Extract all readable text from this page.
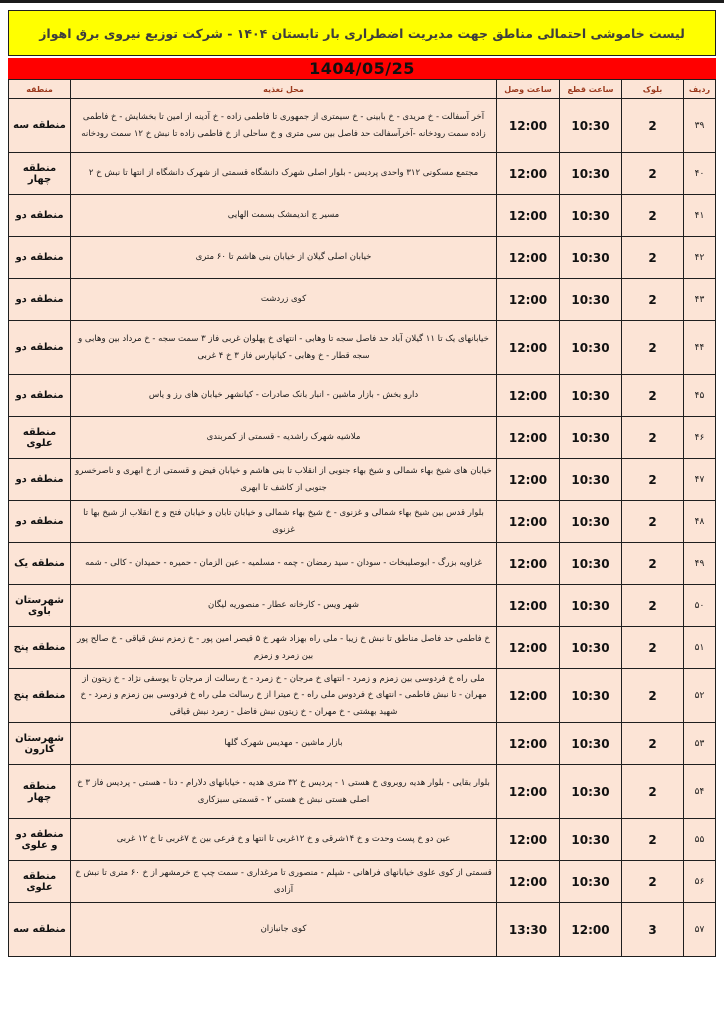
لیست خاموشی احتمالی مناطق جهت مدیریت اضطراری بار تابستان ۱۴۰۴ - شرکت توزیع نیروی برق اهواز
1404/05/25
ردیف	بلوک	ساعت قطع	ساعت وصل	محل تغذیه	منطقه
۳۹	2	10:30	12:00	آخر آسفالت - خ مریدی - خ بابینی - خ سیمتری از جمهوری تا فاطمی زاده - خ آدینه از امین تا بخشایش - خ فاطمی زاده سمت رودخانه -آخرآسفالت حد فاصل بین سی متری و خ ساحلی از خ فاطمی زاده تا نبش خ ۱۲ سمت رودخانه	منطقه سه
۴۰	2	10:30	12:00	مجتمع مسکونی ۳۱۲ واحدی پردیس - بلوار اصلی شهرک دانشگاه قسمتی از شهرک دانشگاه از انتها تا نبش خ ۲	منطقه چهار
۴۱	2	10:30	12:00	مسیر ج اندیمشک بسمت الهایی	منطقه دو
۴۲	2	10:30	12:00	خیابان اصلی گیلان از خیابان بنی هاشم تا ۶۰ متری	منطقه دو
۴۳	2	10:30	12:00	کوی زردشت	منطقه دو
۴۴	2	10:30	12:00	خیابانهای یک تا ۱۱ گیلان آباد حد فاصل سجه تا وهابی - انتهای خ پهلوان غربی فاز ۳ سمت سجه - خ مرداد بین وهابی و سجه قطار - خ وهابی - کیانپارس فاز ۳ خ ۴ غربی	منطقه دو
۴۵	2	10:30	12:00	دارو بخش - بازار ماشین - انبار بانک صادرات - کیانشهر خیابان های رز و یاس	منطقه دو
۴۶	2	10:30	12:00	ملاشیه شهرک راشدیه - قسمتی از کمربندی	منطقه علوی
۴۷	2	10:30	12:00	خیابان های شیخ بهاء شمالی و شیخ بهاء جنوبی از انقلاب تا بنی هاشم و خیابان فیض و قسمتی از خ ابهری و ناصرخسرو جنوبی از کاشف تا ابهری	منطقه دو
۴۸	2	10:30	12:00	بلوار قدس بین شیخ بهاء شمالی و غزنوی - خ شیخ بهاء شمالی و خیابان تابان و خیابان فتح و خ انقلاب از شیخ بها تا غزنوی	منطقه دو
۴۹	2	10:30	12:00	غزاویه بزرگ - ابوصلیبخات - سودان - سید رمضان - چمه - مسلمیه - عین الزمان - حمیره - حمیدان - کالی - شمه	منطقه یک
۵۰	2	10:30	12:00	شهر ویس - کارخانه عطار - منصوریه لیگان	شهرستان باوی
۵۱	2	10:30	12:00	خ فاطمی حد فاصل مناطق تا نبش خ زیبا - ملی راه بهزاد شهر خ ۵ قیصر امین پور - خ زمزم نبش قیاقی - خ صالح پور بین زمرد و زمزم	منطقه پنج
۵۲	2	10:30	12:00	ملی راه خ فردوسی بین زمزم و زمرد - انتهای خ مرجان - خ زمرد - خ رسالت از مرجان تا یوسفی نژاد - خ زیتون از مهران - تا نبش فاطمی - انتهای خ فردوس ملی راه - خ میترا از خ رسالت ملی راه خ فردوسی بین زمزم و زمرد - خ شهید بهشتی - خ مهران - خ زیتون نبش فاضل - زمرد نبش قیاقی	منطقه پنج
۵۳	2	10:30	12:00	بازار ماشین - مهدیس شهرک گلها	شهرستان کارون
۵۴	2	10:30	12:00	بلوار بقایی - بلوار هدیه روبروی خ هستی ۱ - پردیس خ ۳۲ متری هدیه - خیابانهای دلارام - دنا - هستی - پردیس فاز ۳ خ اصلی هستی نبش خ هستی ۲ - قسمتی سبزکاری	منطقه چهار
۵۵	2	10:30	12:00	عین دو خ پست وحدت و خ ۱۴شرقی و خ ۱۲غربی تا انتها و خ فرعی بین خ ۷غربی تا خ ۱۲ غربی	منطقه دو و علوی
۵۶	2	10:30	12:00	قسمتی از کوی علوی خیابانهای فراهانی - شپلم - منصوری تا مرغداری - سمت چپ ج خرمشهر از خ ۶۰ متری تا نبش خ آزادی	منطقه علوی
۵۷	3	12:00	13:30	کوی جانبازان	منطقه سه
